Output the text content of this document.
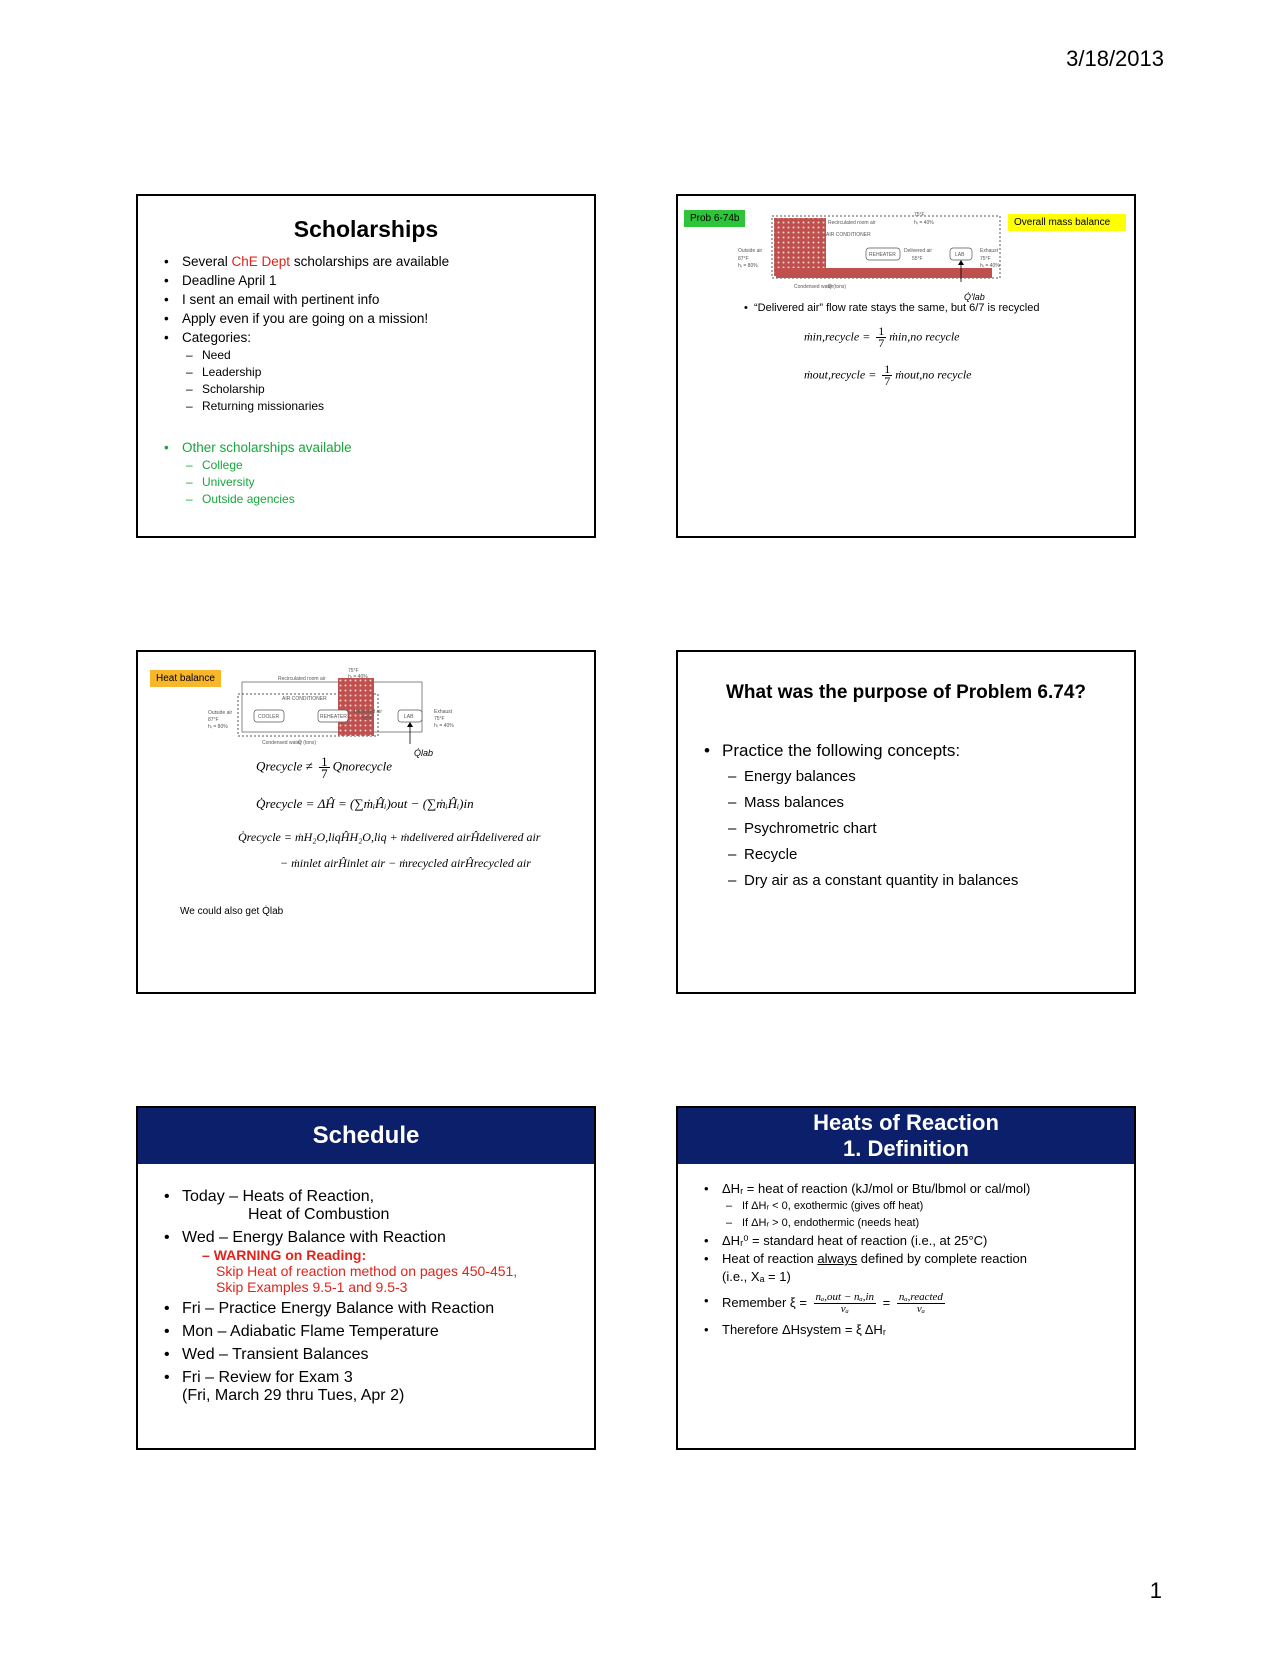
3/18/2013
Scholarships
• Several ChE Dept scholarships are available
• Deadline April 1
• I sent an email with pertinent info
• Apply even if you are going on a mission!
• Categories:
– Need
– Leadership
– Scholarship
– Returning missionaries
• Other scholarships available
– College
– University
– Outside agencies
Prob 6-74b	Overall mass balance
Recirculated room air
75°F
hᵣ = 40%
AIR CONDITIONER
Outside air
87°F
hᵣ = 80%
REHEATER
Delivered air
55°F
LAB
Exhaust
75°F
hᵣ = 40%
Condensed water
Q̇ (tons)
Q̇′lab
•  “Delivered air” flow rate stays the same, but 6/7 is recycled
ṁin,recycle = $\frac{1}{7}$ ṁin,no recycle
ṁout,recycle = $\frac{1}{7}$ ṁout,no recycle
Heat balance	Recirculated room air
75°F
hᵣ = 40%
AIR CONDITIONER
Outside air
87°F
hᵣ = 80%
COOLER	REHEATER
Delivered air
55°F	LAB
Exhaust
75°F
hᵣ = 40%
Condensed water
Q̇ (tons)
Q̇lab
Qrecycle ≠ $\frac{1}{7}$ Qnorecycle
Q̇recycle = ΔĤ = (∑ṁᵢĤᵢ)out − (∑ṁᵢĤᵢ)in
Q̇recycle = ṁH₂O,liqĤH₂O,liq + ṁdelivered airĤdelivered air
− ṁinlet airĤinlet air − ṁrecycled airĤrecycled air
We could also get Q̇lab
What was the purpose of Problem 6.74?
• Practice the following concepts:
– Energy balances
– Mass balances
– Psychrometric chart
– Recycle
– Dry air as a constant quantity in balances
Schedule
• Today – Heats of Reaction,
Heat of Combustion
• Wed – Energy Balance with Reaction
– WARNING on Reading:
Skip Heat of reaction method on pages 450-451,
Skip Examples 9.5-1 and 9.5-3
• Fri – Practice Energy Balance with Reaction
• Mon – Adiabatic Flame Temperature
• Wed – Transient Balances
• Fri – Review for Exam 3
(Fri, March 29 thru Tues, Apr 2)
Heats of Reaction
1. Definition
• ΔHᵣ = heat of reaction (kJ/mol or Btu/lbmol or cal/mol)
– If ΔHᵣ < 0, exothermic (gives off heat)
– If ΔHᵣ > 0, endothermic (needs heat)
• ΔHᵣ⁰ = standard heat of reaction (i.e., at 25°C)
• Heat of reaction always defined by complete reaction
(i.e., Xₐ = 1)
• Remember $\xi = \frac{\text{nₐ,out − nₐ,in}}{\text{νₐ}} = \frac{\text{nₐ,reacted}}{\text{νₐ}}$
• Therefore ΔHsystem = ξ ΔHᵣ
1
